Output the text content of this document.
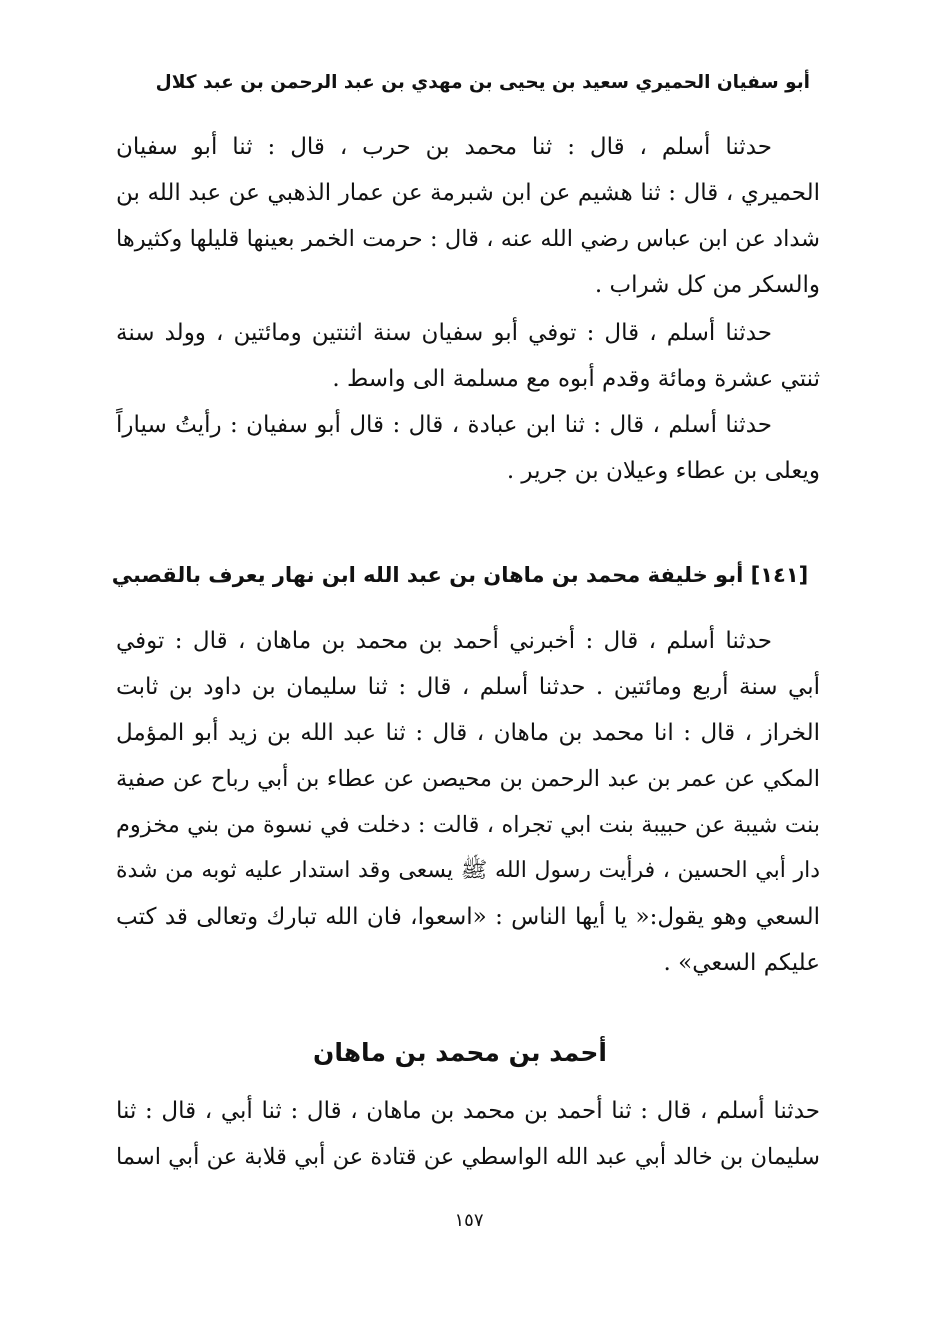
أبو سفيان الحميري سعيد بن يحيى بن مهدي بن عبد الرحمن بن عبد كلال
حدثنا أسلم ، قال : ثنا محمد بن حرب ، قال : ثنا أبو سفيان
الحميري ، قال : ثنا هشيم عن ابن شبرمة عن عمار الذهبي عن عبد الله بن
شداد عن ابن عباس رضي الله عنه ، قال : حرمت الخمر بعينها قليلها وكثيرها
والسكر من كل شراب .
حدثنا أسلم ، قال : توفي أبو سفيان سنة اثنتين ومائتين ، وولد سنة
ثنتي عشرة ومائة وقدم أبوه مع مسلمة الى واسط .
حدثنا أسلم ، قال : ثنا ابن عبادة ، قال : قال أبو سفيان : رأيتُ سياراً
ويعلى بن عطاء وعيلان بن جرير .
[١٤١] أبو خليفة محمد بن ماهان بن عبد الله ابن نهار يعرف بالقصبي
حدثنا أسلم ، قال : أخبرني أحمد بن محمد بن ماهان ، قال : توفي
أبي سنة أربع ومائتين . حدثنا أسلم ، قال : ثنا سليمان بن داود بن ثابت
الخراز ، قال : انا محمد بن ماهان ، قال : ثنا عبد الله بن زيد أبو المؤمل
المكي عن عمر بن عبد الرحمن بن محيصن عن عطاء بن أبي رباح عن صفية
بنت شيبة عن حبيبة بنت ابي تجراه ، قالت : دخلت في نسوة من بني مخزوم
دار أبي الحسين ، فرأيت رسول الله ﷺ يسعى وقد استدار عليه ثوبه من شدة
السعي وهو يقول:« يا أيها الناس : «اسعوا، فان الله تبارك وتعالى قد كتب
عليكم السعي» .
أحمد بن محمد بن ماهان
حدثنا أسلم ، قال : ثنا أحمد بن محمد بن ماهان ، قال : ثنا أبي ، قال : ثنا
سليمان بن خالد أبي عبد الله الواسطي عن قتادة عن أبي قلابة عن أبي اسما
١٥٧
